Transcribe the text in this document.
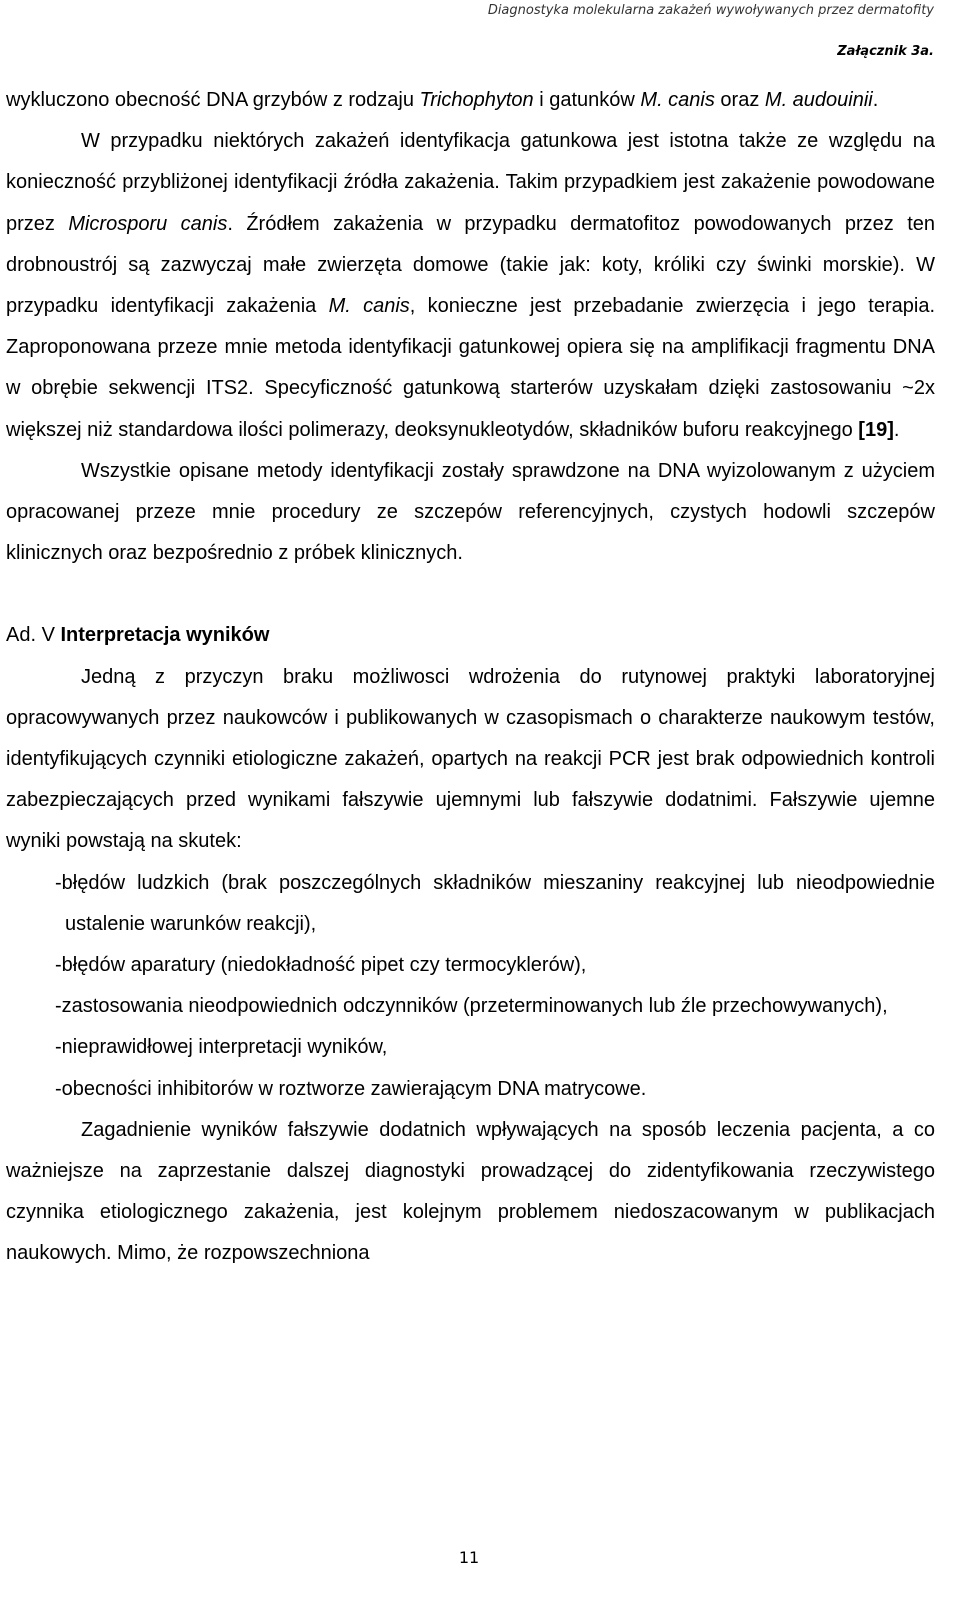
Diagnostyka molekularna zakażeń wywoływanych przez dermatofity
Załącznik 3a.

wykluczono obecność DNA grzybów z rodzaju Trichophyton i gatunków M. canis oraz M. audouinii.

W przypadku niektórych zakażeń identyfikacja gatunkowa jest istotna także ze względu na konieczność przybliżonej identyfikacji źródła zakażenia. Takim przypadkiem jest zakażenie powodowane przez Microsporu canis. Źródłem zakażenia w przypadku dermatofitoz powodowanych przez ten drobnoustrój są zazwyczaj małe zwierzęta domowe (takie jak: koty, króliki czy świnki morskie). W przypadku identyfikacji zakażenia M. canis, konieczne jest przebadanie zwierzęcia i jego terapia. Zaproponowana przeze mnie metoda identyfikacji gatunkowej opiera się na amplifikacji fragmentu DNA w obrębie sekwencji ITS2. Specyficzność gatunkową starterów uzyskałam dzięki zastosowaniu ~2x większej niż standardowa ilości polimerazy, deoksynukleotydów, składników buforu reakcyjnego [19].

Wszystkie opisane metody identyfikacji zostały sprawdzone na DNA wyizolowanym z użyciem opracowanej przeze mnie procedury ze szczepów referencyjnych, czystych hodowli szczepów klinicznych oraz bezpośrednio z próbek klinicznych.

Ad. V Interpretacja wyników

Jedną z przyczyn braku możliwosci wdrożenia do rutynowej praktyki laboratoryjnej opracowywanych przez naukowców i publikowanych w czasopismach o charakterze naukowym testów, identyfikujących czynniki etiologiczne zakażeń, opartych na reakcji PCR jest brak odpowiednich kontroli zabezpieczających przed wynikami fałszywie ujemnymi lub fałszywie dodatnimi. Fałszywie ujemne wyniki powstają na skutek:

-błędów ludzkich (brak poszczególnych składników mieszaniny reakcyjnej lub nieodpowiednie ustalenie warunków reakcji),

-błędów aparatury (niedokładność pipet czy termocyklerów),

-zastosowania nieodpowiednich odczynników (przeterminowanych lub źle przechowywanych),

-nieprawidłowej interpretacji wyników,

-obecności inhibitorów w roztworze zawierającym DNA matrycowe.

Zagadnienie wyników fałszywie dodatnich wpływających na sposób leczenia pacjenta, a co ważniejsze na zaprzestanie dalszej diagnostyki prowadzącej do zidentyfikowania rzeczywistego czynnika etiologicznego zakażenia, jest kolejnym problemem niedoszacowanym w publikacjach naukowych. Mimo, że rozpowszechniona

11
